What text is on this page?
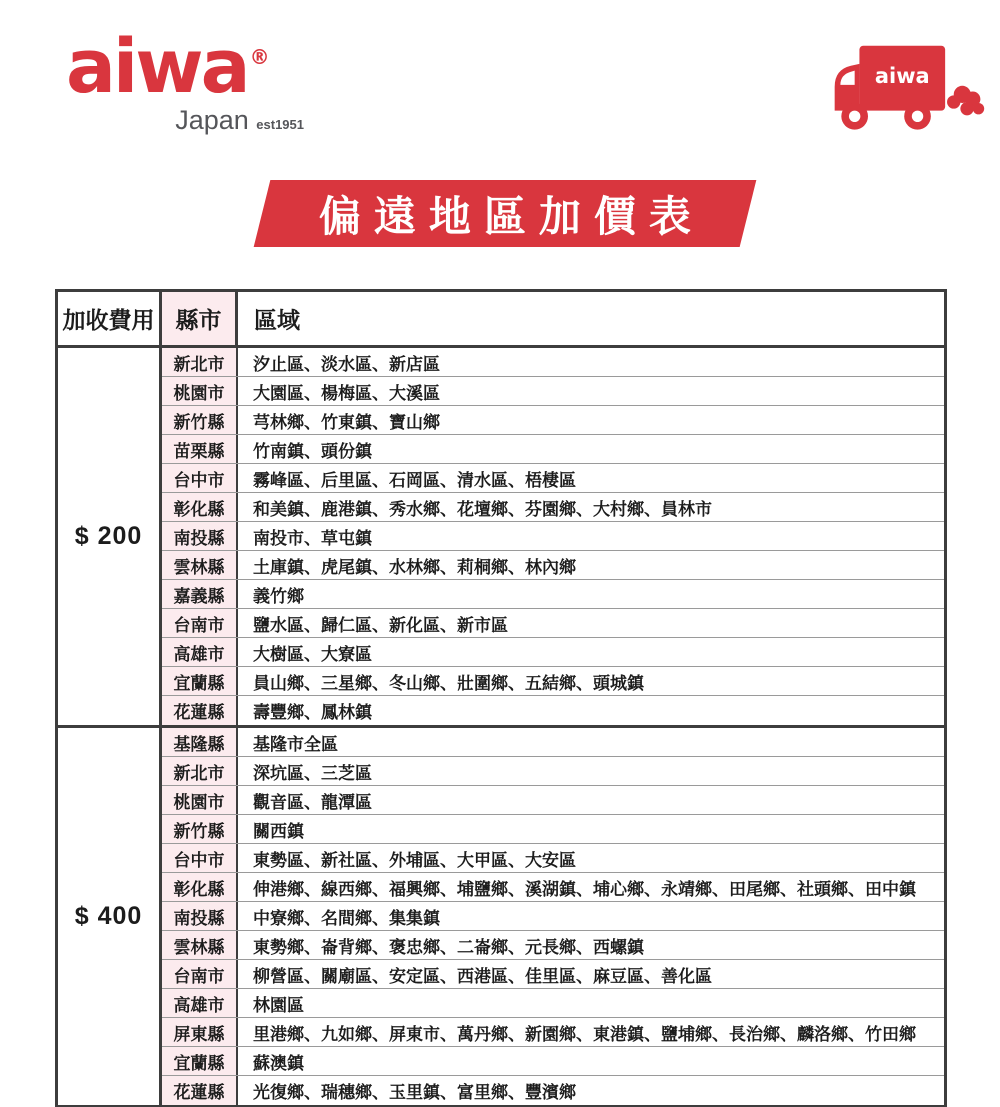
aiwa ®
Japan est1951
aiwa
偏遠地區加價表
加收費用 縣市	區域
$ 200
新北市	汐止區、淡水區、新店區
桃園市	大園區、楊梅區、大溪區
新竹縣	芎林鄉、竹東鎮、寶山鄉
苗栗縣	竹南鎮、頭份鎮
台中市	霧峰區、后里區、石岡區、清水區、梧棲區
彰化縣	和美鎮、鹿港鎮、秀水鄉、花壇鄉、芬園鄉、大村鄉、員林市
南投縣	南投市、草屯鎮
雲林縣	土庫鎮、虎尾鎮、水林鄉、莉桐鄉、林內鄉
嘉義縣	義竹鄉
台南市	鹽水區、歸仁區、新化區、新市區
高雄市	大樹區、大寮區
宜蘭縣	員山鄉、三星鄉、冬山鄉、壯圍鄉、五結鄉、頭城鎮
花蓮縣	壽豐鄉、鳳林鎮
$ 400
基隆縣	基隆市全區
新北市	深坑區、三芝區
桃園市	觀音區、龍潭區
新竹縣	關西鎮
台中市	東勢區、新社區、外埔區、大甲區、大安區
彰化縣	伸港鄉、線西鄉、福興鄉、埔鹽鄉、溪湖鎮、埔心鄉、永靖鄉、田尾鄉、社頭鄉、田中鎮
南投縣	中寮鄉、名間鄉、集集鎮
雲林縣	東勢鄉、崙背鄉、褒忠鄉、二崙鄉、元長鄉、西螺鎮
台南市	柳營區、關廟區、安定區、西港區、佳里區、麻豆區、善化區
高雄市	林園區
屏東縣	里港鄉、九如鄉、屏東市、萬丹鄉、新園鄉、東港鎮、鹽埔鄉、長治鄉、麟洛鄉、竹田鄉
宜蘭縣	蘇澳鎮
花蓮縣	光復鄉、瑞穗鄉、玉里鎮、富里鄉、豐濱鄉
